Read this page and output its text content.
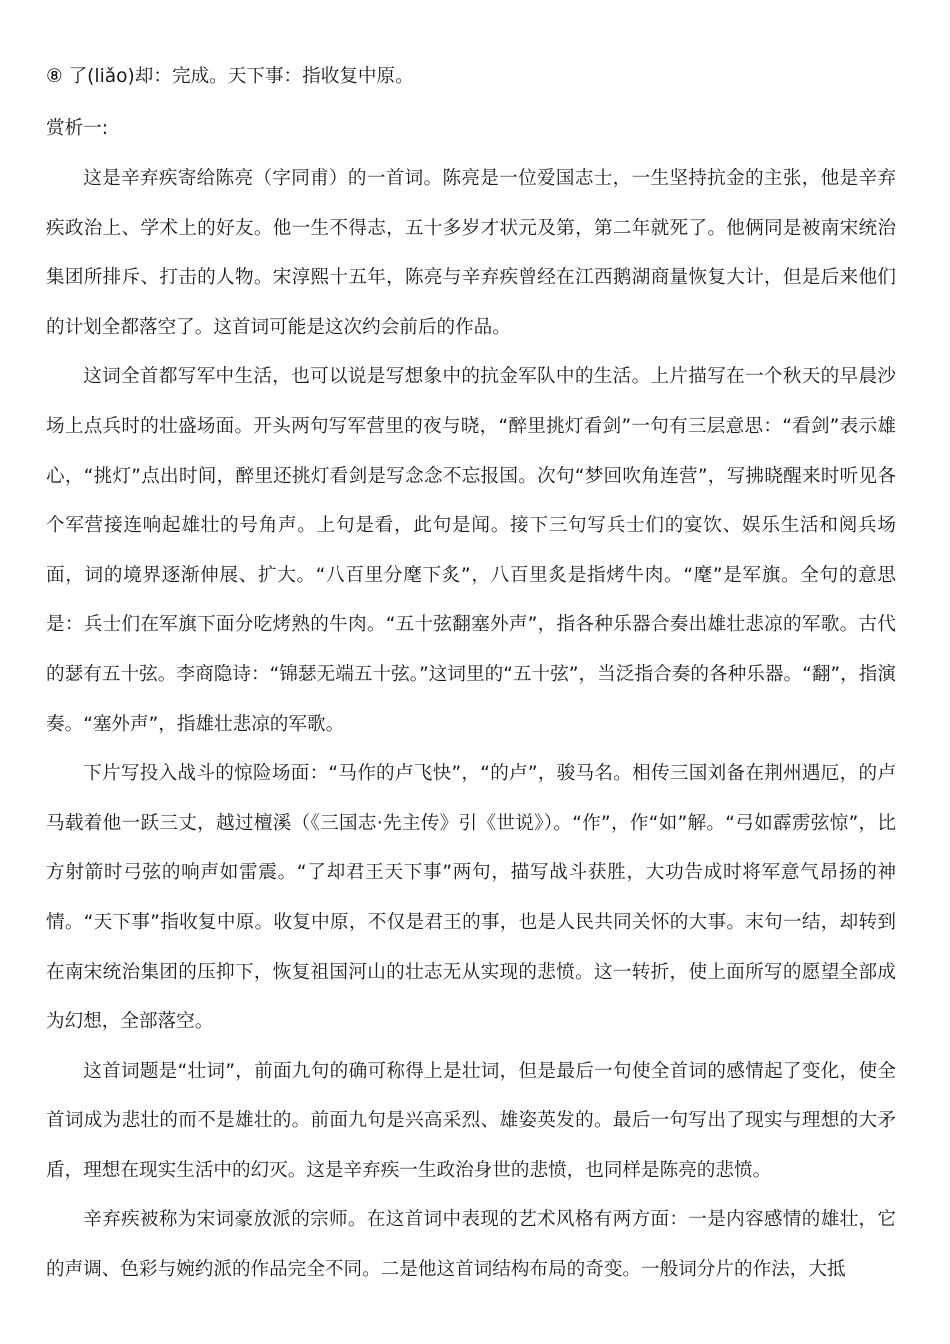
⑧ 了(liǎo)却：完成。天下事：指收复中原。

赏析一:

这是辛弃疾寄给陈亮（字同甫）的一首词。陈亮是一位爱国志士，一生坚持抗金的主张，他是辛弃疾政治上、学术上的好友。他一生不得志，五十多岁才状元及第，第二年就死了。他俩同是被南宋统治集团所排斥、打击的人物。宋淳熙十五年，陈亮与辛弃疾曾经在江西鹅湖商量恢复大计，但是后来他们的计划全都落空了。这首词可能是这次约会前后的作品。

这词全首都写军中生活，也可以说是写想象中的抗金军队中的生活。上片描写在一个秋天的早晨沙场上点兵时的壮盛场面。开头两句写军营里的夜与晓，“醉里挑灯看剑”一句有三层意思：“看剑”表示雄心，“挑灯”点出时间，醉里还挑灯看剑是写念念不忘报国。次句“梦回吹角连营”，写拂晓醒来时听见各个军营接连响起雄壮的号角声。上句是看，此句是闻。接下三句写兵士们的宴饮、娱乐生活和阅兵场面，词的境界逐渐伸展、扩大。“八百里分麾下炙”，八百里炙是指烤牛肉。“麾”是军旗。全句的意思是：兵士们在军旗下面分吃烤熟的牛肉。“五十弦翻塞外声”，指各种乐器合奏出雄壮悲凉的军歌。古代的瑟有五十弦。李商隐诗：“锦瑟无端五十弦。”这词里的“五十弦”，当泛指合奏的各种乐器。“翻”，指演奏。“塞外声”，指雄壮悲凉的军歌。

下片写投入战斗的惊险场面：“马作的卢飞快”，“的卢”，骏马名。相传三国刘备在荆州遇厄，的卢马载着他一跃三丈，越过檀溪（《三国志·先主传》引《世说》）。“作”，作“如”解。“弓如霹雳弦惊”，比方射箭时弓弦的响声如雷震。“了却君王天下事”两句，描写战斗获胜，大功告成时将军意气昂扬的神情。“天下事”指收复中原。收复中原，不仅是君王的事，也是人民共同关怀的大事。末句一结，却转到在南宋统治集团的压抑下，恢复祖国河山的壮志无从实现的悲愤。这一转折，使上面所写的愿望全部成为幻想，全部落空。

这首词题是“壮词”，前面九句的确可称得上是壮词，但是最后一句使全首词的感情起了变化，使全首词成为悲壮的而不是雄壮的。前面九句是兴高采烈、雄姿英发的。最后一句写出了现实与理想的大矛盾，理想在现实生活中的幻灭。这是辛弃疾一生政治身世的悲愤，也同样是陈亮的悲愤。

辛弃疾被称为宋词豪放派的宗师。在这首词中表现的艺术风格有两方面：一是内容感情的雄壮，它的声调、色彩与婉约派的作品完全不同。二是他这首词结构布局的奇变。一般词分片的作法，大抵
